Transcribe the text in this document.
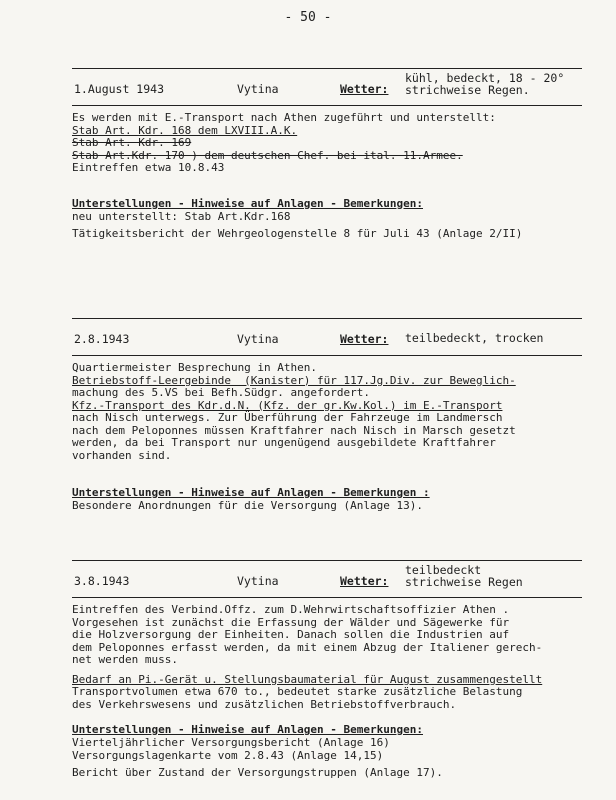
- 50 -
1.August 1943	Vytina	Wetter:
kühl, bedeckt, 18 - 20°
strichweise Regen.

Es werden mit E.-Transport nach Athen zugeführt und unterstellt:

Stab Art. Kdr. 168 dem LXVIII.A.K.

Stab Art. Kdr. 169

Stab Art.Kdr. 170 ) dem deutschen Chef. bei ital. 11.Armee.

Eintreffen etwa 10.8.43

Unterstellungen - Hinweise auf Anlagen - Bemerkungen:

neu unterstellt: Stab Art.Kdr.168

Tätigkeitsbericht der Wehrgeologenstelle 8 für Juli 43 (Anlage 2/II)

2.8.1943	Vytina	Wetter: teilbedeckt, trocken

Quartiermeister Besprechung in Athen.

Betriebstoff-Leergebinde  (Kanister) für 117.Jg.Div. zur Beweglich-

machung des 5.VS bei Befh.Südgr. angefordert.

Kfz.-Transport des Kdr.d.N. (Kfz. der gr.Kw.Kol.) im E.-Transport

nach Nisch unterwegs. Zur Überführung der Fahrzeuge im Landmersch

nach dem Peloponnes müssen Kraftfahrer nach Nisch in Marsch gesetzt

werden, da bei Transport nur ungenügend ausgebildete Kraftfahrer

vorhanden sind.

Unterstellungen - Hinweise auf Anlagen - Bemerkungen :

Besondere Anordnungen für die Versorgung (Anlage 13).

3.8.1943	Vytina	Wetter:
teilbedeckt
strichweise Regen

Eintreffen des Verbind.Offz. zum D.Wehrwirtschaftsoffizier Athen .

Vorgesehen ist zunächst die Erfassung der Wälder und Sägewerke für

die Holzversorgung der Einheiten. Danach sollen die Industrien auf

dem Peloponnes erfasst werden, da mit einem Abzug der Italiener gerech-

net werden muss.

Bedarf an Pi.-Gerät u. Stellungsbaumaterial für August zusammengestellt

Transportvolumen etwa 670 to., bedeutet starke zusätzliche Belastung

des Verkehrswesens und zusätzlichen Betriebstoffverbrauch.

Unterstellungen - Hinweise auf Anlagen - Bemerkungen:

Vierteljährlicher Versorgungsbericht (Anlage 16)

Versorgungslagenkarte vom 2.8.43 (Anlage 14,15)

Bericht über Zustand der Versorgungstruppen (Anlage 17).
